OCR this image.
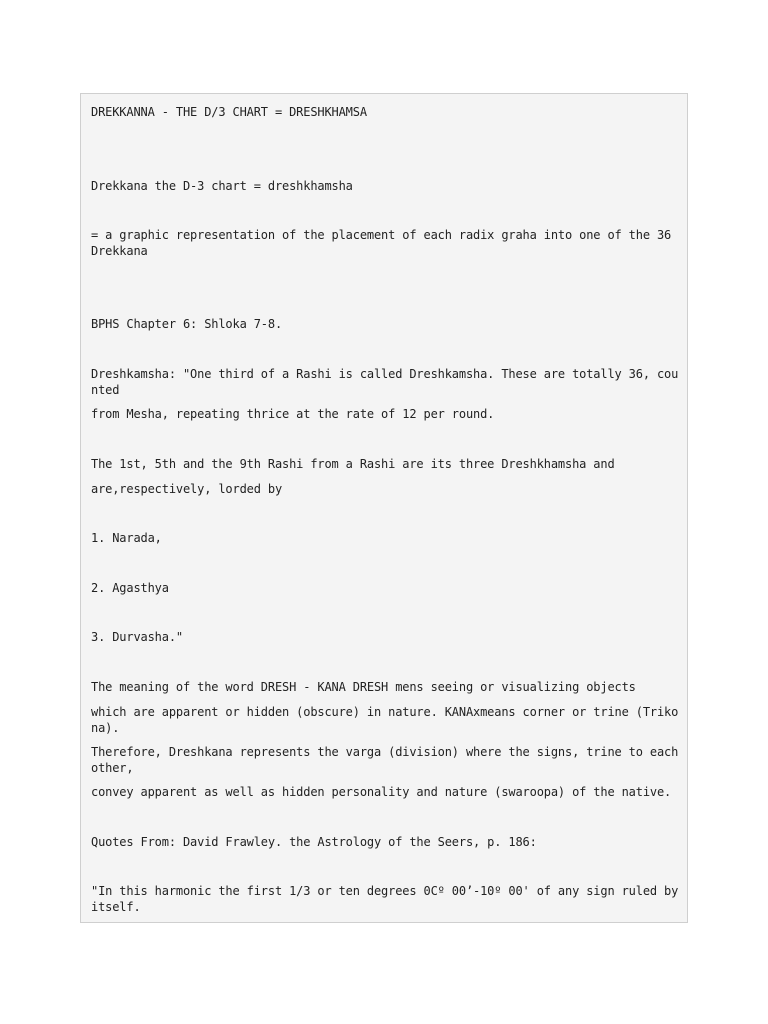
DREKKANNA - THE D/3 CHART = DRESHKHAMSA
Drekkana the D-3 chart = dreshkhamsha
= a graphic representation of the placement of each radix graha into one of the 36 Drekkana
BPHS Chapter 6: Shloka 7-8.
Dreshkamsha: "One third of a Rashi is called Dreshkamsha. These are totally 36, counted
from Mesha, repeating thrice at the rate of 12 per round.
The 1st, 5th and the 9th Rashi from a Rashi are its three Dreshkhamsha and
are,respectively, lorded by
1. Narada,
2. Agasthya
3. Durvasha."
The meaning of the word DRESH - KANA DRESH mens seeing or visualizing objects
which are apparent or hidden (obscure) in nature. KANAxmeans corner or trine (Trikona).
Therefore, Dreshkana represents the varga (division) where the signs, trine to each other,
convey apparent as well as hidden personality and nature (swaroopa) of the native.
Quotes From: David Frawley. the Astrology of the Seers, p. 186:
"In this harmonic the first 1/3 or ten degrees 0Cº 00’-10º 00' of any sign ruled by itself.
